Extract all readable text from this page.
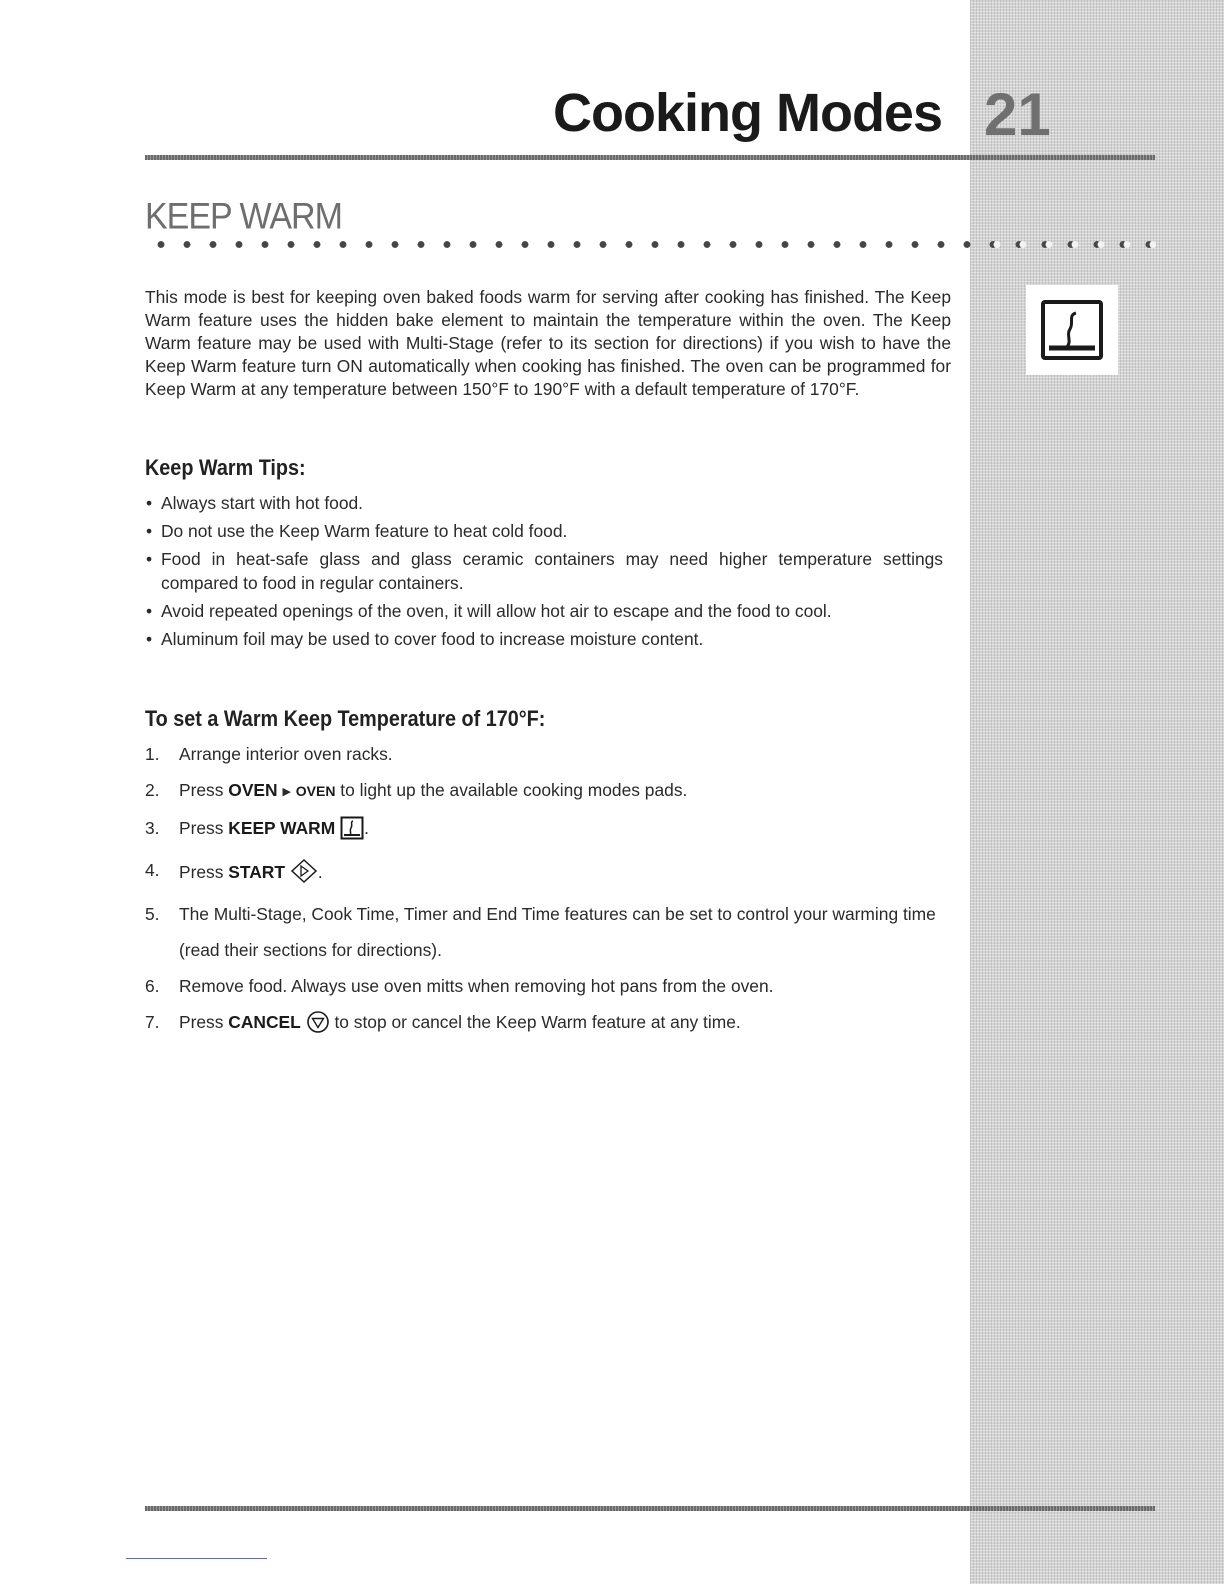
Cooking Modes 21
KEEP WARM

This mode is best for keeping oven baked foods warm for serving after cooking has finished. The Keep Warm feature uses the hidden bake element to maintain the temperature within the oven. The Keep Warm feature may be used with Multi-Stage (refer to its section for directions) if you wish to have the Keep Warm feature turn ON automatically when cooking has finished. The oven can be programmed for Keep Warm at any temperature between 150°F to 190°F with a default temperature of 170°F.

Keep Warm Tips:
• Always start with hot food.
• Do not use the Keep Warm feature to heat cold food.
• Food in heat-safe glass and glass ceramic containers may need higher temperature settings compared to food in regular containers.
• Avoid repeated openings of the oven, it will allow hot air to escape and the food to cool.
• Aluminum foil may be used to cover food to increase moisture content.
To set a Warm Keep Temperature of 170°F:
1. Arrange interior oven racks.
2. Press OVEN ▶ OVEN to light up the available cooking modes pads.
3. Press KEEP WARM .
4. Press START .
5. The Multi-Stage, Cook Time, Timer and End Time features can be set to control your warming time (read their sections for directions).
6. Remove food. Always use oven mitts when removing hot pans from the oven.
7. Press CANCEL  to stop or cancel the Keep Warm feature at any time.
